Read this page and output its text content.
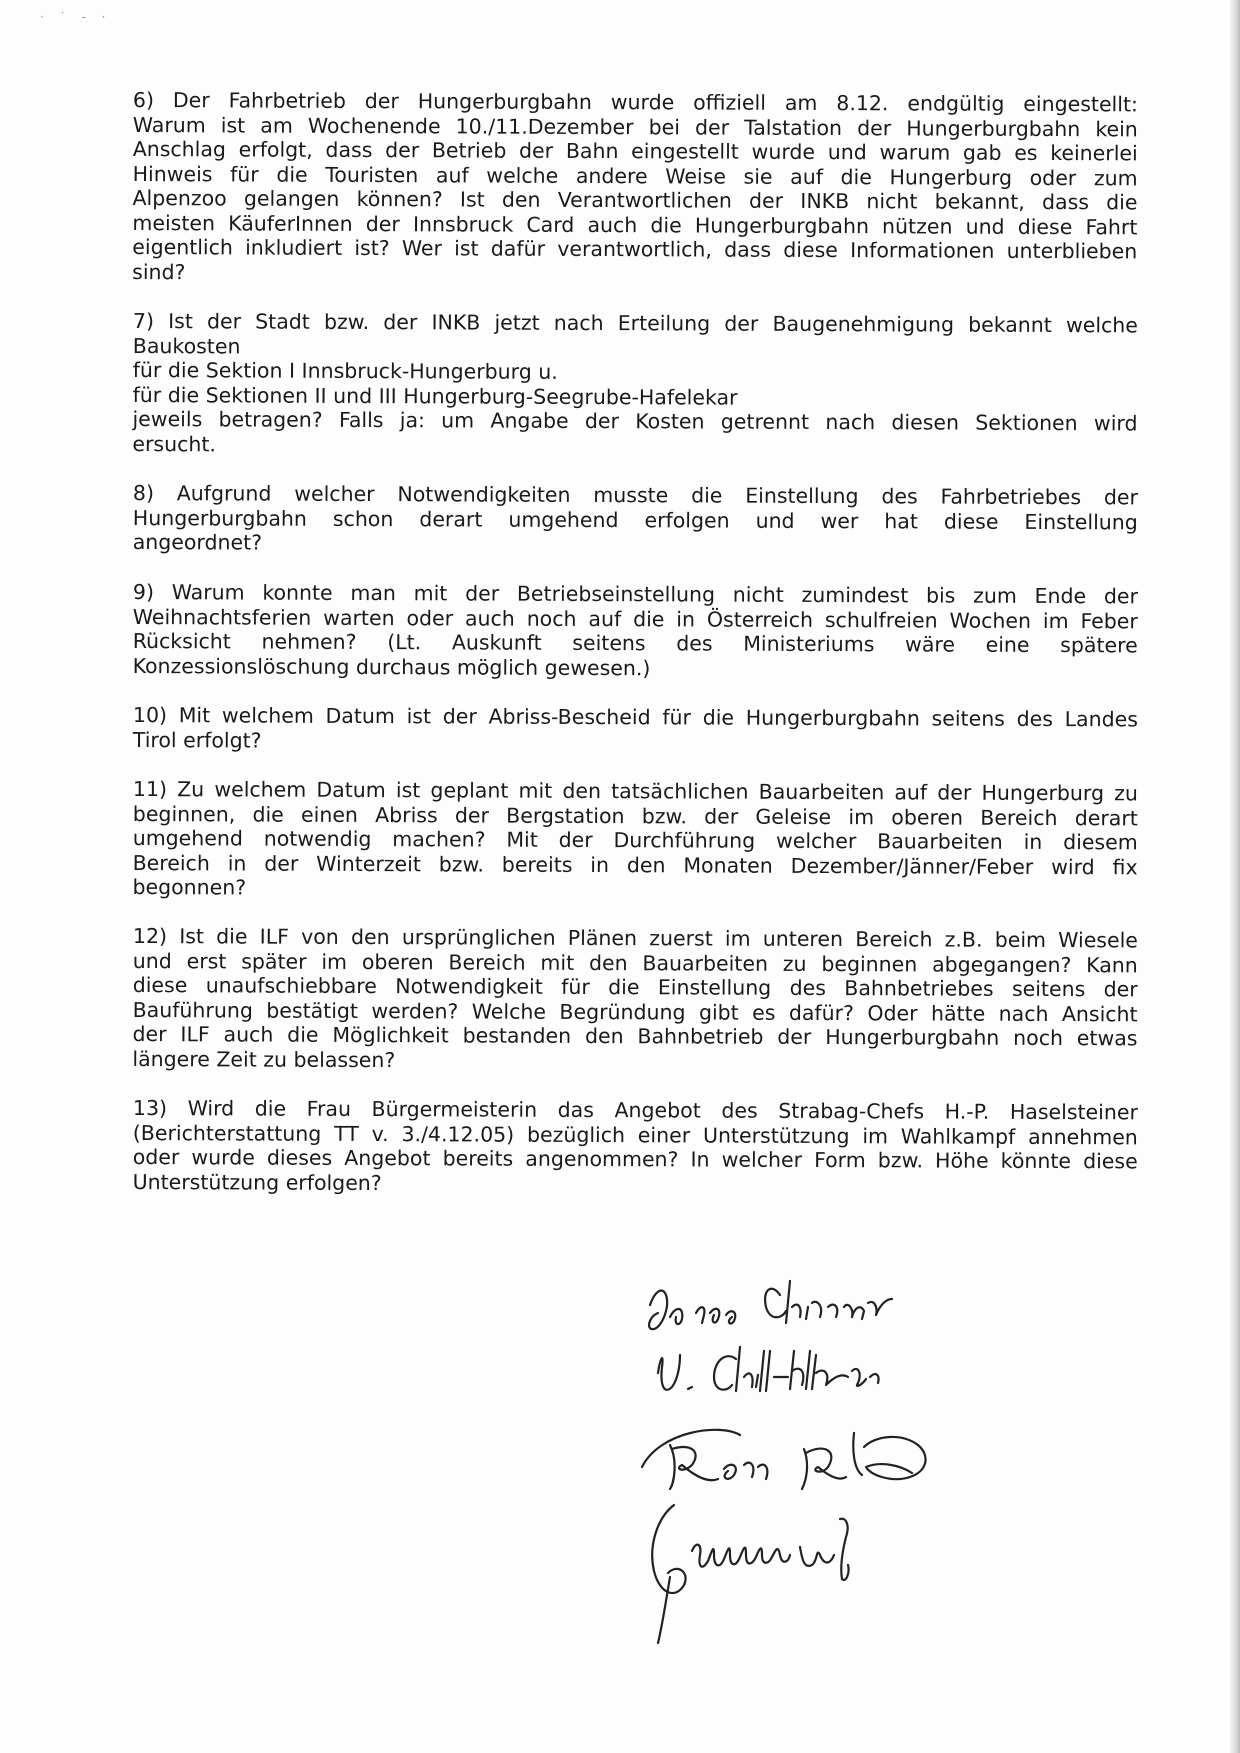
· ˙ ‑ ·
6) Der Fahrbetrieb der Hungerburgbahn wurde offiziell am 8.12. endgültig eingestellt:
Warum ist am Wochenende 10./11.Dezember bei der Talstation der Hungerburgbahn kein
Anschlag erfolgt, dass der Betrieb der Bahn eingestellt wurde und warum gab es keinerlei
Hinweis für die Touristen auf welche andere Weise sie auf die Hungerburg oder zum
Alpenzoo gelangen können? Ist den Verantwortlichen der INKB nicht bekannt, dass die
meisten KäuferInnen der Innsbruck Card auch die Hungerburgbahn nützen und diese Fahrt
eigentlich inkludiert ist? Wer ist dafür verantwortlich, dass diese Informationen unterblieben
sind?
7) Ist der Stadt bzw. der INKB jetzt nach Erteilung der Baugenehmigung bekannt welche
Baukosten
für die Sektion I Innsbruck-Hungerburg u.
für die Sektionen II und III Hungerburg-Seegrube-Hafelekar
jeweils betragen? Falls ja: um Angabe der Kosten getrennt nach diesen Sektionen wird
ersucht.
8) Aufgrund welcher Notwendigkeiten musste die Einstellung des Fahrbetriebes der
Hungerburgbahn schon derart umgehend erfolgen und wer hat diese Einstellung
angeordnet?
9) Warum konnte man mit der Betriebseinstellung nicht zumindest bis zum Ende der
Weihnachtsferien warten oder auch noch auf die in Österreich schulfreien Wochen im Feber
Rücksicht nehmen? (Lt. Auskunft seitens des Ministeriums wäre eine spätere
Konzessionslöschung durchaus möglich gewesen.)
10) Mit welchem Datum ist der Abriss-Bescheid für die Hungerburgbahn seitens des Landes
Tirol erfolgt?
11) Zu welchem Datum ist geplant mit den tatsächlichen Bauarbeiten auf der Hungerburg zu
beginnen, die einen Abriss der Bergstation bzw. der Geleise im oberen Bereich derart
umgehend notwendig machen? Mit der Durchführung welcher Bauarbeiten in diesem
Bereich in der Winterzeit bzw. bereits in den Monaten Dezember/Jänner/Feber wird fix
begonnen?
12) Ist die ILF von den ursprünglichen Plänen zuerst im unteren Bereich z.B. beim Wiesele
und erst später im oberen Bereich mit den Bauarbeiten zu beginnen abgegangen? Kann
diese unaufschiebbare Notwendigkeit für die Einstellung des Bahnbetriebes seitens der
Bauführung bestätigt werden? Welche Begründung gibt es dafür? Oder hätte nach Ansicht
der ILF auch die Möglichkeit bestanden den Bahnbetrieb der Hungerburgbahn noch etwas
längere Zeit zu belassen?
13) Wird die Frau Bürgermeisterin das Angebot des Strabag-Chefs H.-P. Haselsteiner
(Berichterstattung TT v. 3./4.12.05) bezüglich einer Unterstützung im Wahlkampf annehmen
oder wurde dieses Angebot bereits angenommen? In welcher Form bzw. Höhe könnte diese
Unterstützung erfolgen?
